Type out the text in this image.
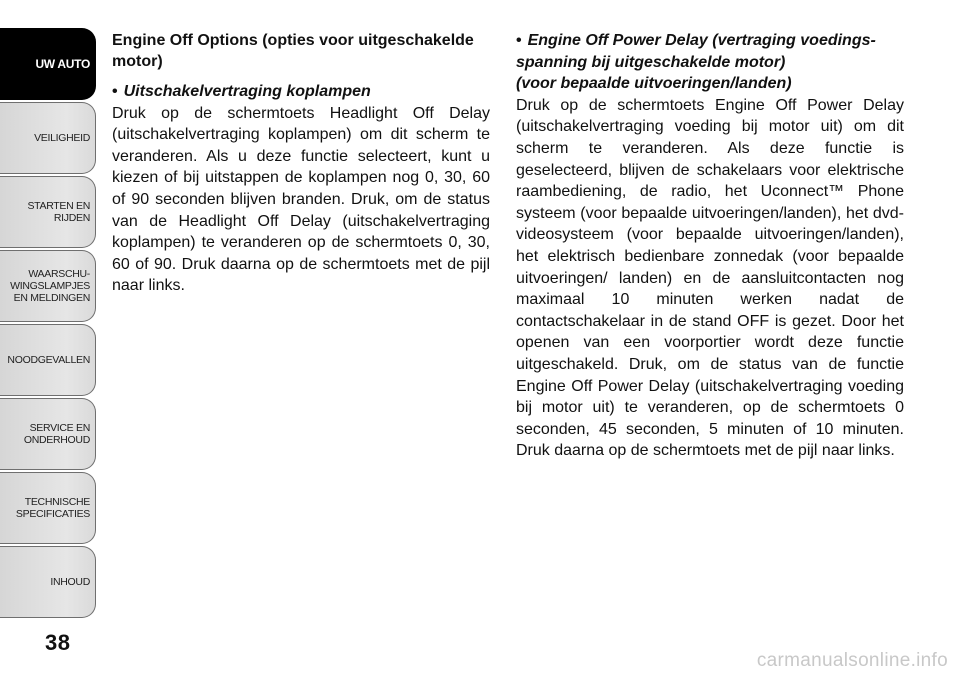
UW AUTO
VEILIGHEID
STARTEN EN
RIJDEN
WAARSCHU-
WINGSLAMPJES
EN MELDINGEN
NOODGEVALLEN
SERVICE EN
ONDERHOUD
TECHNISCHE
SPECIFICATIES
INHOUD
38
Engine Off Options (opties voor uitgeschakelde motor)

• Uitschakelvertraging koplampen

Druk op de schermtoets Headlight Off Delay (uitschakelvertraging koplampen) om dit scherm te veranderen. Als u deze functie selecteert, kunt u kiezen of bij uitstappen de koplampen nog 0, 30, 60 of 90 seconden blijven branden. Druk, om de status van de Headlight Off Delay (uitschakelvertraging koplampen) te veranderen op de schermtoets 0, 30, 60 of 90. Druk daarna op de schermtoets met de pijl naar links.

• Engine Off Power Delay (vertraging voedingsspanning bij uitgeschakelde motor)

(voor bepaalde uitvoeringen/landen)

Druk op de schermtoets Engine Off Power Delay (uitschakelvertraging voeding bij motor uit) om dit scherm te veranderen. Als deze functie is geselecteerd, blijven de schakelaars voor elektrische raambediening, de radio, het Uconnect™ Phone systeem (voor bepaalde uitvoeringen/landen), het dvd-videosysteem (voor bepaalde uitvoeringen/landen), het elektrisch bedienbare zonnedak (voor bepaalde uitvoeringen/ landen) en de aansluitcontacten nog maximaal 10 minuten werken nadat de contactschakelaar in de stand OFF is gezet. Door het openen van een voorportier wordt deze functie uitgeschakeld. Druk, om de status van de functie Engine Off Power Delay (uitschakelvertraging voeding bij motor uit) te veranderen, op de schermtoets 0 seconden, 45 seconden, 5 minuten of 10 minuten. Druk daarna op de schermtoets met de pijl naar links.

carmanualsonline.info
